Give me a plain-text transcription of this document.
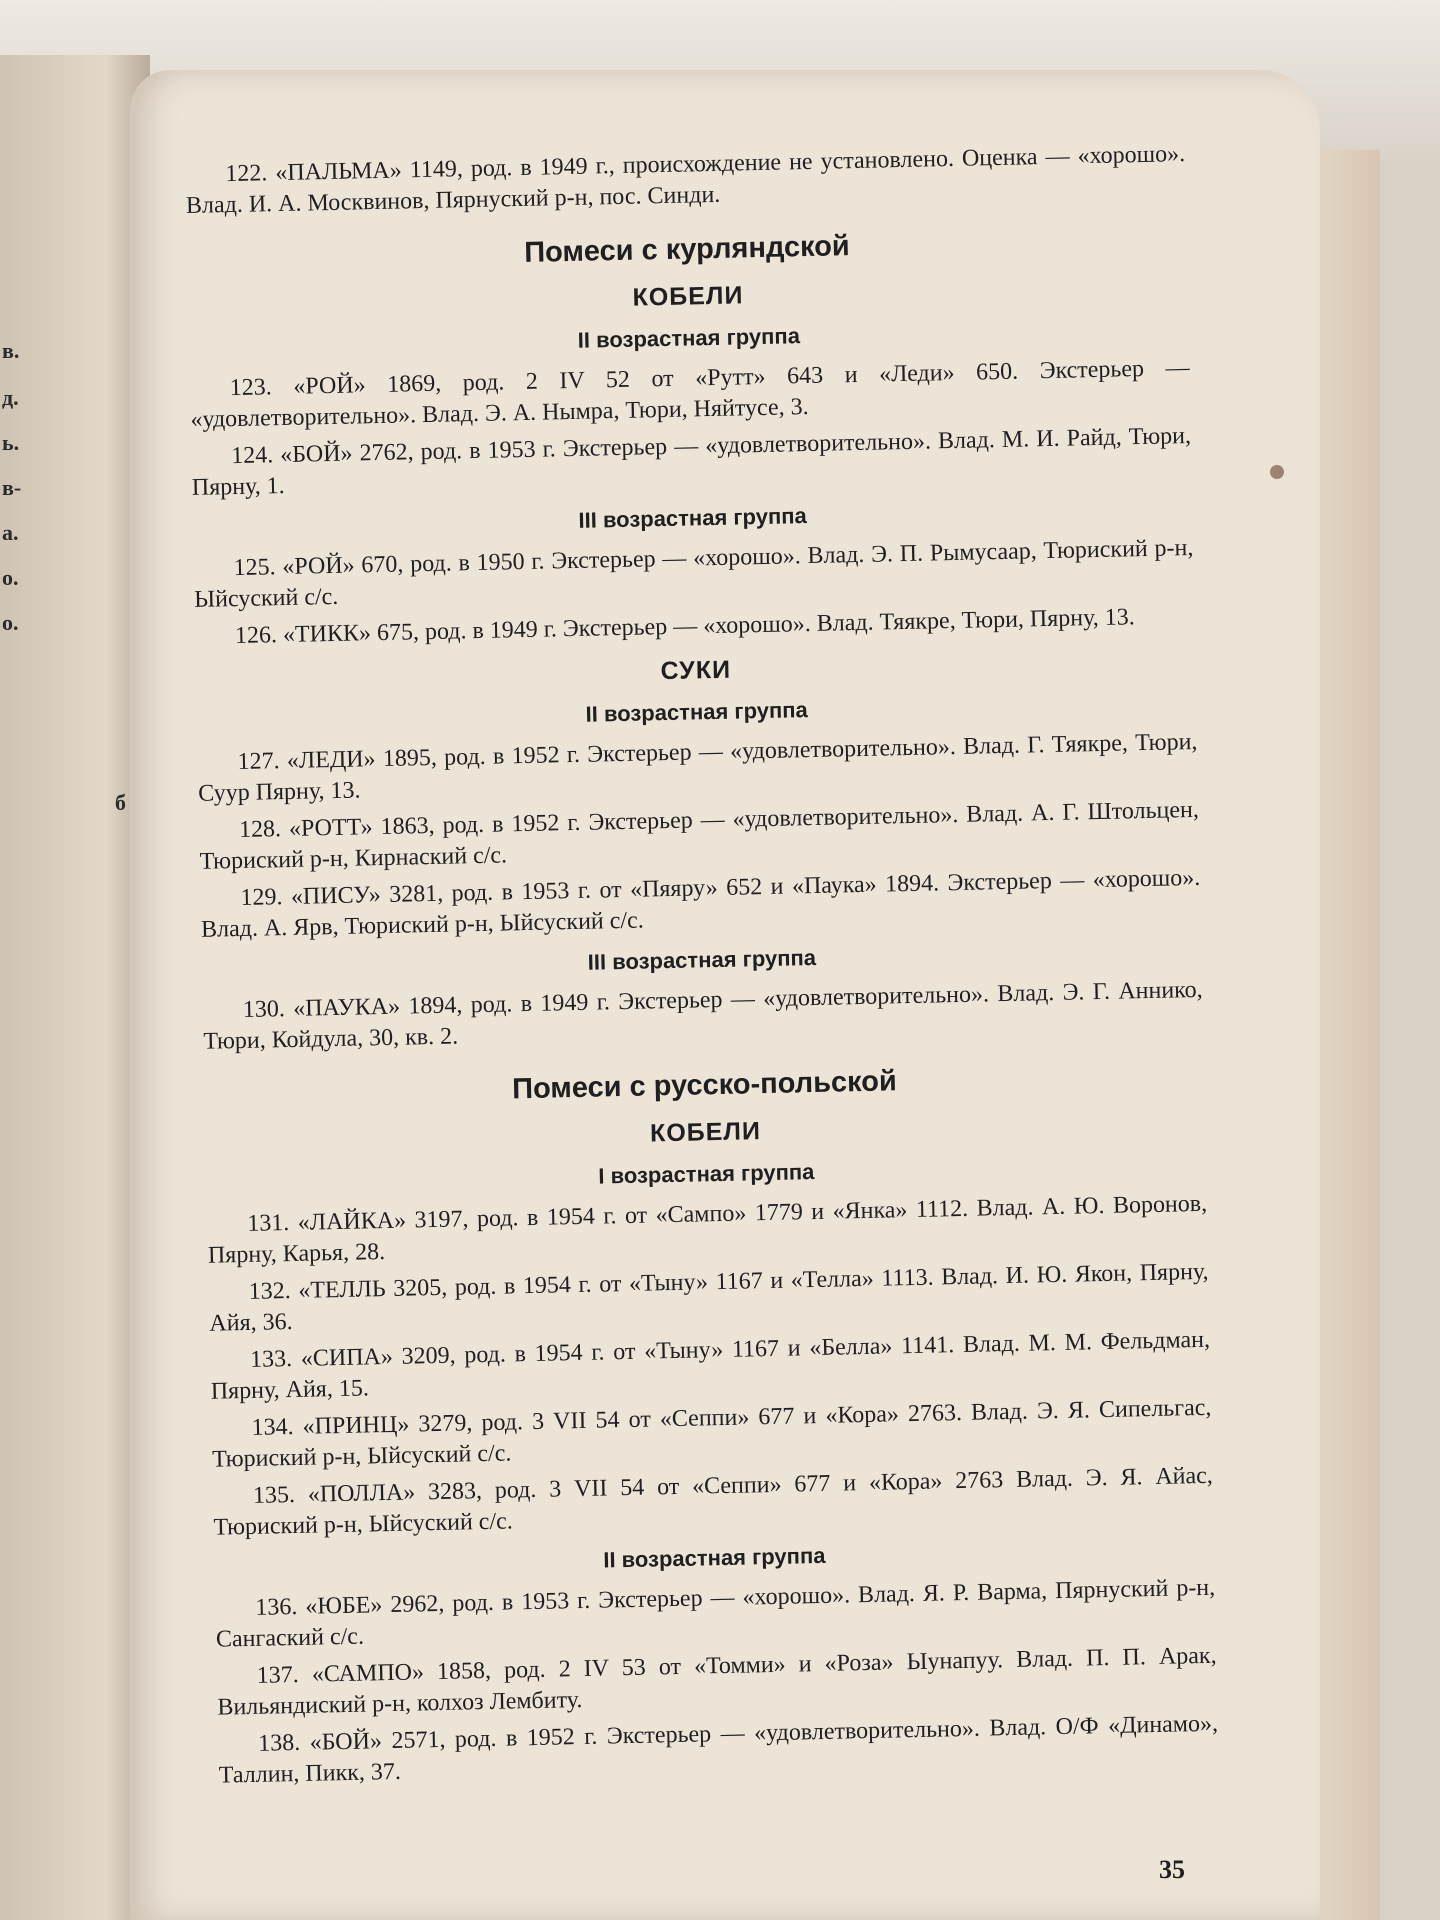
в.
д.
ь.
в-
а.
о.
о.
б

122. «ПАЛЬМА» 1149, род. в 1949 г., происхождение не установлено. Оценка — «хорошо». Влад. И. А. Москвинов, Пярнуский р-н, пос. Синди.

Помеси с курляндской
КОБЕЛИ
II возрастная группа

123. «РОЙ» 1869, род. 2 IV 52 от «Рутт» 643 и «Леди» 650. Экстерьер — «удовлетворительно». Влад. Э. А. Нымра, Тюри, Няйтусе, 3.

124. «БОЙ» 2762, род. в 1953 г. Экстерьер — «удовлетворительно». Влад. М. И. Райд, Тюри, Пярну, 1.

III возрастная группа

125. «РОЙ» 670, род. в 1950 г. Экстерьер — «хорошо». Влад. Э. П. Рымусаар, Тюриский р-н, Ыйсуский с/с.

126. «ТИКК» 675, род. в 1949 г. Экстерьер — «хорошо». Влад. Тяякре, Тюри, Пярну, 13.

СУКИ
II возрастная группа

127. «ЛЕДИ» 1895, род. в 1952 г. Экстерьер — «удовлетворительно». Влад. Г. Тяякре, Тюри, Суур Пярну, 13.

128. «РОТТ» 1863, род. в 1952 г. Экстерьер — «удовлетворительно». Влад. А. Г. Штольцен, Тюриский р-н, Кирнаский с/с.

129. «ПИСУ» 3281, род. в 1953 г. от «Пяяру» 652 и «Паука» 1894. Экстерьер — «хорошо». Влад. А. Ярв, Тюриский р-н, Ыйсуский с/с.

III возрастная группа

130. «ПАУКА» 1894, род. в 1949 г. Экстерьер — «удовлетворительно». Влад. Э. Г. Аннико, Тюри, Койдула, 30, кв. 2.

Помеси с русско-польской
КОБЕЛИ
I возрастная группа

131. «ЛАЙКА» 3197, род. в 1954 г. от «Сампо» 1779 и «Янка» 1112. Влад. А. Ю. Воронов, Пярну, Карья, 28.

132. «ТЕЛЛЬ 3205, род. в 1954 г. от «Тыну» 1167 и «Телла» 1113. Влад. И. Ю. Якон, Пярну, Айя, 36.

133. «СИПА» 3209, род. в 1954 г. от «Тыну» 1167 и «Белла» 1141. Влад. М. М. Фельдман, Пярну, Айя, 15.

134. «ПРИНЦ» 3279, род. 3 VII 54 от «Сеппи» 677 и «Кора» 2763. Влад. Э. Я. Сипельгас, Тюриский р-н, Ыйсуский с/с.

135. «ПОЛЛА» 3283, род. 3 VII 54 от «Сеппи» 677 и «Кора» 2763 Влад. Э. Я. Айас, Тюриский р-н, Ыйсуский с/с.

II возрастная группа

136. «ЮБЕ» 2962, род. в 1953 г. Экстерьер — «хорошо». Влад. Я. Р. Варма, Пярнуский р-н, Сангаский с/с.

137. «САМПО» 1858, род. 2 IV 53 от «Томми» и «Роза» Ыунапуу. Влад. П. П. Арак, Вильяндиский р-н, колхоз Лембиту.

138. «БОЙ» 2571, род. в 1952 г. Экстерьер — «удовлетворительно». Влад. О/Ф «Динамо», Таллин, Пикк, 37.

35
